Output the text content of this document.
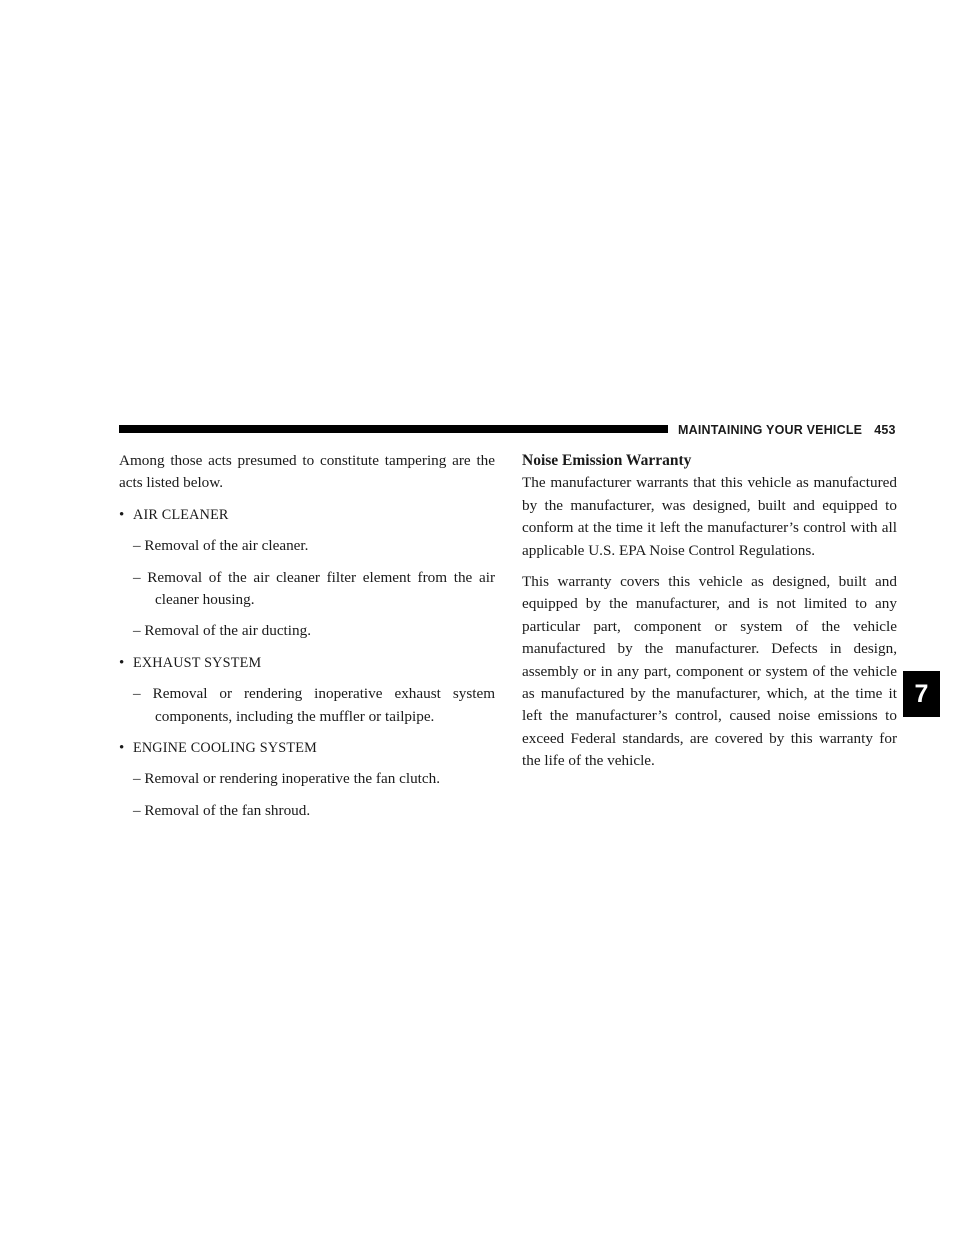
MAINTAINING YOUR VEHICLE 453

Among those acts presumed to constitute tampering are the acts listed below.

• AIR CLEANER

– Removal of the air cleaner.

– Removal of the air cleaner filter element from the air cleaner housing.

– Removal of the air ducting.

• EXHAUST SYSTEM

– Removal or rendering inoperative exhaust system components, including the muffler or tailpipe.

• ENGINE COOLING SYSTEM

– Removal or rendering inoperative the fan clutch.

– Removal of the fan shroud.

Noise Emission Warranty

The manufacturer warrants that this vehicle as manufactured by the manufacturer, was designed, built and equipped to conform at the time it left the manufacturer’s control with all applicable U.S. EPA Noise Control Regulations.

This warranty covers this vehicle as designed, built and equipped by the manufacturer, and is not limited to any particular part, component or system of the vehicle manufactured by the manufacturer. Defects in design, assembly or in any part, component or system of the vehicle as manufactured by the manufacturer, which, at the time it left the manufacturer’s control, caused noise emissions to exceed Federal standards, are covered by this warranty for the life of the vehicle.

7
